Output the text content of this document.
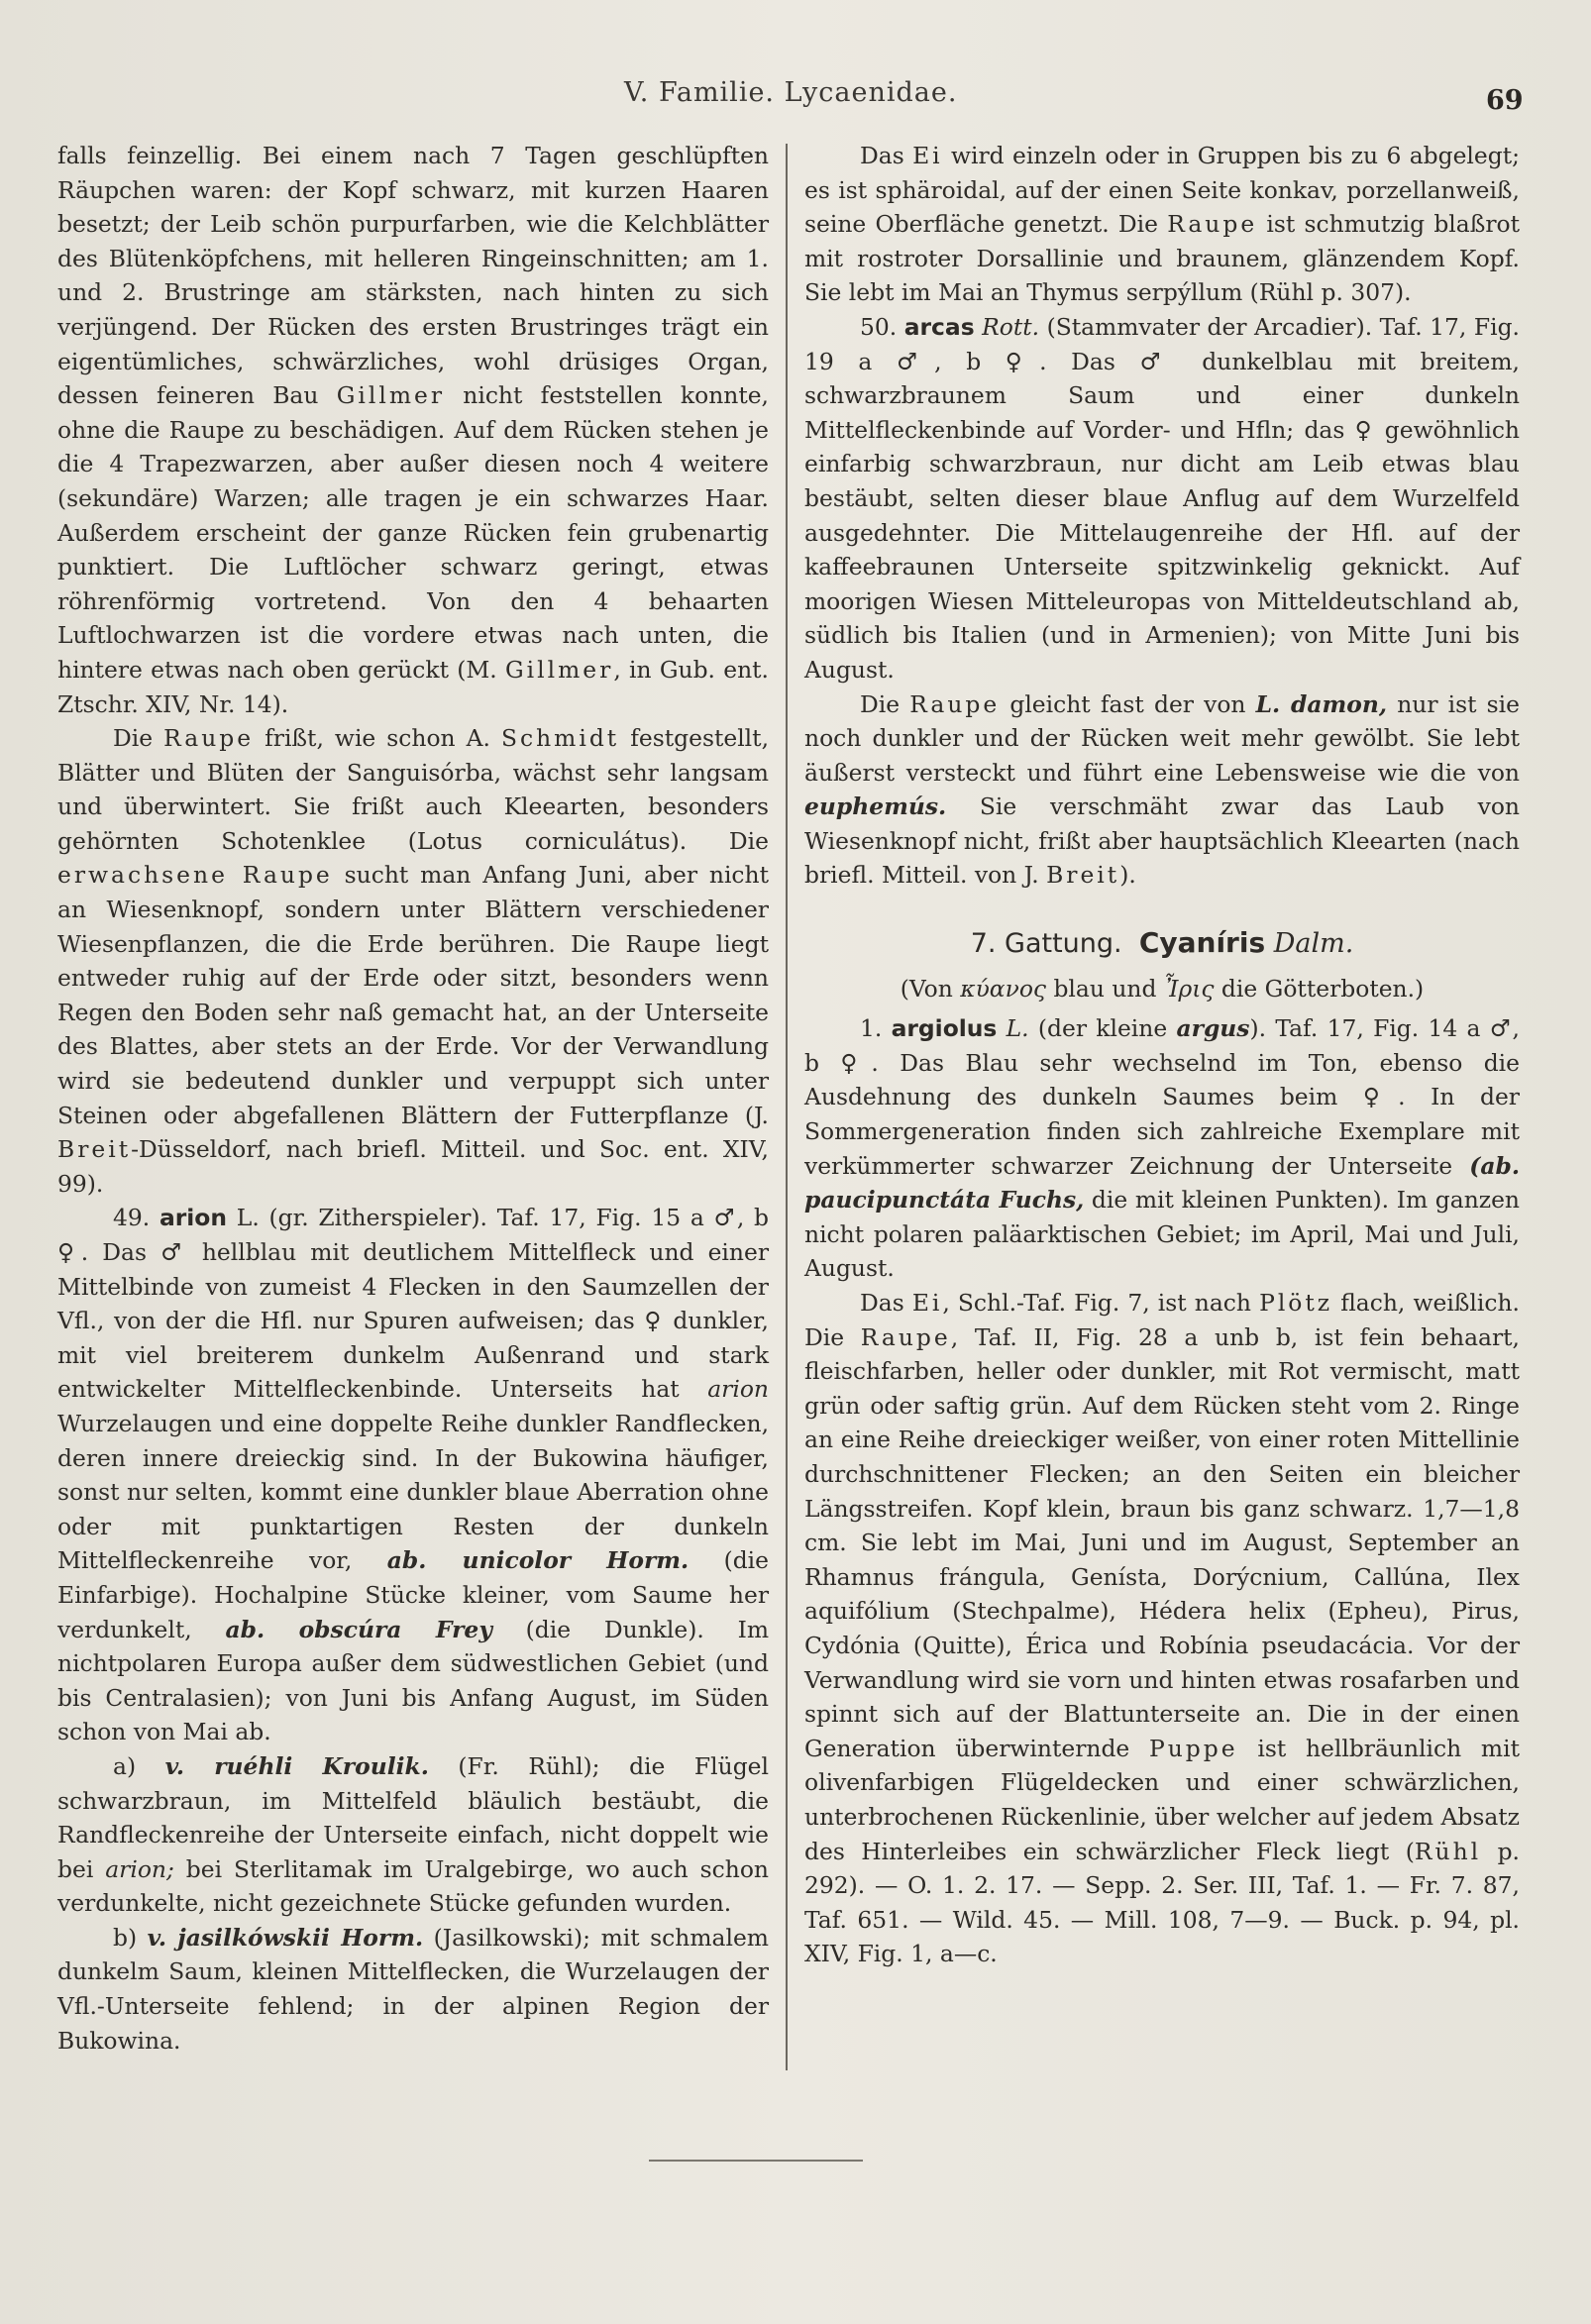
V. Familie. Lycaenidae.	69

falls feinzellig. Bei einem nach 7 Tagen geschlüpften Räupchen waren: der Kopf schwarz, mit kurzen Haaren besetzt; der Leib schön purpurfarben, wie die Kelchblätter des Blütenköpfchens, mit helleren Ringeinschnitten; am 1. und 2. Brustringe am stärksten, nach hinten zu sich verjüngend. Der Rücken des ersten Brustringes trägt ein eigentümliches, schwärzliches, wohl drüsiges Organ, dessen feineren Bau Gillmer nicht feststellen konnte, ohne die Raupe zu beschädigen. Auf dem Rücken stehen je die 4 Trapezwarzen, aber außer diesen noch 4 weitere (sekundäre) Warzen; alle tragen je ein schwarzes Haar. Außerdem erscheint der ganze Rücken fein grubenartig punktiert. Die Luftlöcher schwarz geringt, etwas röhrenförmig vortretend. Von den 4 behaarten Luftlochwarzen ist die vordere etwas nach unten, die hintere etwas nach oben gerückt (M. Gillmer, in Gub. ent. Ztschr. XIV, Nr. 14).

Die Raupe frißt, wie schon A. Schmidt festgestellt, Blätter und Blüten der Sanguisórba, wächst sehr langsam und überwintert. Sie frißt auch Kleearten, besonders gehörnten Schotenklee (Lotus corniculátus). Die erwachsene Raupe sucht man Anfang Juni, aber nicht an Wiesenknopf, sondern unter Blättern verschiedener Wiesenpflanzen, die die Erde berühren. Die Raupe liegt entweder ruhig auf der Erde oder sitzt, besonders wenn Regen den Boden sehr naß gemacht hat, an der Unterseite des Blattes, aber stets an der Erde. Vor der Verwandlung wird sie bedeutend dunkler und verpuppt sich unter Steinen oder abgefallenen Blättern der Futterpflanze (J. Breit-Düsseldorf, nach briefl. Mitteil. und Soc. ent. XIV, 99).

49. arion L. (gr. Zitherspieler). Taf. 17, Fig. 15 a ♂, b ♀. Das ♂ hellblau mit deutlichem Mittelfleck und einer Mittelbinde von zumeist 4 Flecken in den Saumzellen der Vfl., von der die Hfl. nur Spuren aufweisen; das ♀ dunkler, mit viel breiterem dunkelm Außenrand und stark entwickelter Mittelfleckenbinde. Unterseits hat arion Wurzelaugen und eine doppelte Reihe dunkler Randflecken, deren innere dreieckig sind. In der Bukowina häufiger, sonst nur selten, kommt eine dunkler blaue Aberration ohne oder mit punktartigen Resten der dunkeln Mittelfleckenreihe vor, ab. unicolor Horm. (die Einfarbige). Hochalpine Stücke kleiner, vom Saume her verdunkelt, ab. obscúra Frey (die Dunkle). Im nichtpolaren Europa außer dem südwestlichen Gebiet (und bis Centralasien); von Juni bis Anfang August, im Süden schon von Mai ab.

a) v. ruéhli Kroulik. (Fr. Rühl); die Flügel schwarzbraun, im Mittelfeld bläulich bestäubt, die Randfleckenreihe der Unterseite einfach, nicht doppelt wie bei arion; bei Sterlitamak im Uralgebirge, wo auch schon verdunkelte, nicht gezeichnete Stücke gefunden wurden.

b) v. jasilkówskii Horm. (Jasilkowski); mit schmalem dunkelm Saum, kleinen Mittelflecken, die Wurzelaugen der Vfl.-Unterseite fehlend; in der alpinen Region der Bukowina.

Das Ei wird einzeln oder in Gruppen bis zu 6 abgelegt; es ist sphäroidal, auf der einen Seite konkav, porzellanweiß, seine Oberfläche genetzt. Die Raupe ist schmutzig blaßrot mit rostroter Dorsallinie und braunem, glänzendem Kopf. Sie lebt im Mai an Thymus serpýllum (Rühl p. 307).

50. arcas Rott. (Stammvater der Arcadier). Taf. 17, Fig. 19 a ♂, b ♀. Das ♂ dunkelblau mit breitem, schwarzbraunem Saum und einer dunkeln Mittelfleckenbinde auf Vorder- und Hfln; das ♀ gewöhnlich einfarbig schwarzbraun, nur dicht am Leib etwas blau bestäubt, selten dieser blaue Anflug auf dem Wurzelfeld ausgedehnter. Die Mittelaugenreihe der Hfl. auf der kaffeebraunen Unterseite spitzwinkelig geknickt. Auf moorigen Wiesen Mitteleuropas von Mitteldeutschland ab, südlich bis Italien (und in Armenien); von Mitte Juni bis August.

Die Raupe gleicht fast der von L. damon, nur ist sie noch dunkler und der Rücken weit mehr gewölbt. Sie lebt äußerst versteckt und führt eine Lebensweise wie die von euphemús. Sie verschmäht zwar das Laub von Wiesenknopf nicht, frißt aber hauptsächlich Kleearten (nach briefl. Mitteil. von J. Breit).

7. Gattung. Cyaníris Dalm.

(Von κύανος blau und Ἶρις die Götterboten.)

1. argiolus L. (der kleine argus). Taf. 17, Fig. 14 a ♂, b ♀. Das Blau sehr wechselnd im Ton, ebenso die Ausdehnung des dunkeln Saumes beim ♀. In der Sommergeneration finden sich zahlreiche Exemplare mit verkümmerter schwarzer Zeichnung der Unterseite (ab. paucipunctáta Fuchs, die mit kleinen Punkten). Im ganzen nicht polaren paläarktischen Gebiet; im April, Mai und Juli, August.

Das Ei, Schl.-Taf. Fig. 7, ist nach Plötz flach, weißlich. Die Raupe, Taf. II, Fig. 28 a unb b, ist fein behaart, fleischfarben, heller oder dunkler, mit Rot vermischt, matt grün oder saftig grün. Auf dem Rücken steht vom 2. Ringe an eine Reihe dreieckiger weißer, von einer roten Mittellinie durchschnittener Flecken; an den Seiten ein bleicher Längsstreifen. Kopf klein, braun bis ganz schwarz. 1,7—1,8 cm. Sie lebt im Mai, Juni und im August, September an Rhamnus frángula, Genísta, Dorýcnium, Callúna, Ilex aquifólium (Stechpalme), Hédera helix (Epheu), Pirus, Cydónia (Quitte), Érica und Robínia pseudacácia. Vor der Verwandlung wird sie vorn und hinten etwas rosafarben und spinnt sich auf der Blattunterseite an. Die in der einen Generation überwinternde Puppe ist hellbräunlich mit olivenfarbigen Flügeldecken und einer schwärzlichen, unterbrochenen Rückenlinie, über welcher auf jedem Absatz des Hinterleibes ein schwärzlicher Fleck liegt (Rühl p. 292). — O. 1. 2. 17. — Sepp. 2. Ser. III, Taf. 1. — Fr. 7. 87, Taf. 651. — Wild. 45. — Mill. 108, 7—9. — Buck. p. 94, pl. XIV, Fig. 1, a—c.
